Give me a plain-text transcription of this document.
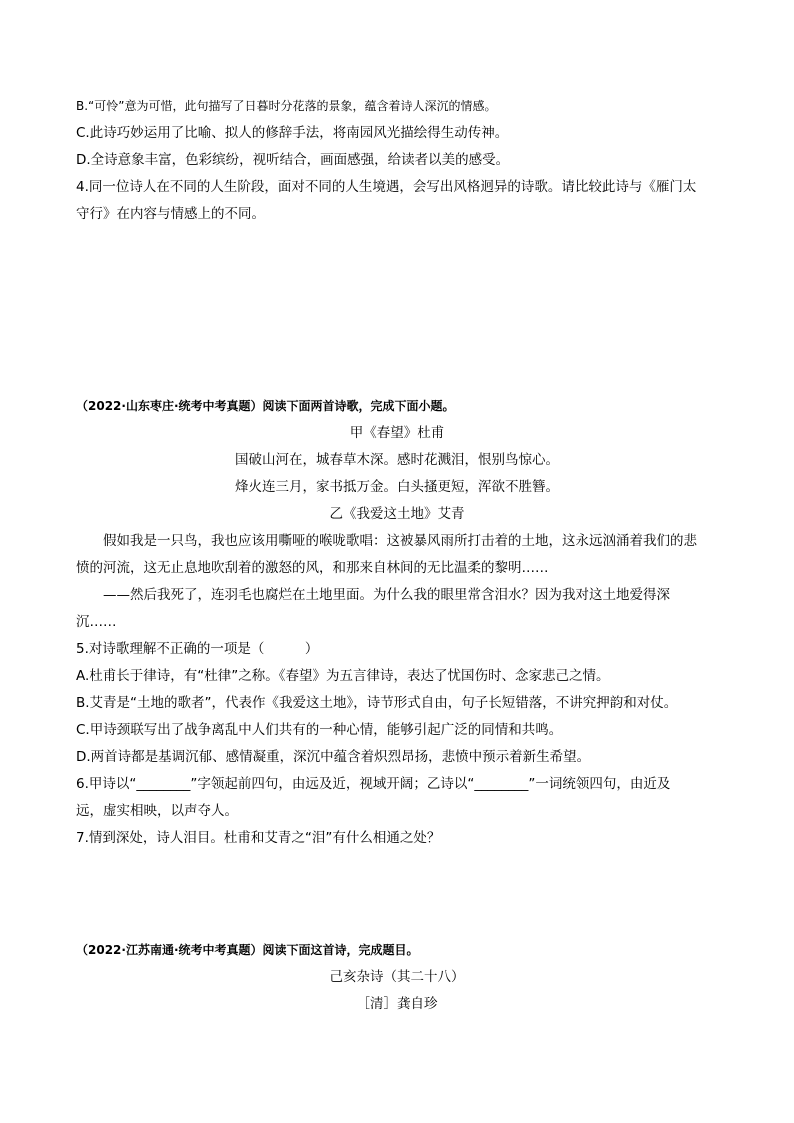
B.“可怜”意为可惜，此句描写了日暮时分花落的景象，蕴含着诗人深沉的情感。
C.此诗巧妙运用了比喻、拟人的修辞手法，将南园风光描绘得生动传神。
D.全诗意象丰富，色彩缤纷，视听结合，画面感强，给读者以美的感受。
4.同一位诗人在不同的人生阶段，面对不同的人生境遇，会写出风格迥异的诗歌。请比较此诗与《雁门太
守行》在内容与情感上的不同。
（2022·山东枣庄·统考中考真题）阅读下面两首诗歌，完成下面小题。
甲《春望》杜甫
国破山河在，城春草木深。感时花溅泪，恨别鸟惊心。
烽火连三月，家书抵万金。白头搔更短，浑欲不胜簪。
乙《我爱这土地》艾青
假如我是一只鸟，我也应该用嘶哑的喉咙歌唱：这被暴风雨所打击着的土地，这永远汹涌着我们的悲
愤的河流，这无止息地吹刮着的激怒的风，和那来自林间的无比温柔的黎明……
——然后我死了，连羽毛也腐烂在土地里面。为什么我的眼里常含泪水？因为我对这土地爱得深
沉……
5.对诗歌理解不正确的一项是（　　　）
A.杜甫长于律诗，有“杜律”之称。《春望》为五言律诗，表达了忧国伤时、念家悲己之情。
B.艾青是“土地的歌者”，代表作《我爱这土地》，诗节形式自由，句子长短错落，不讲究押韵和对仗。
C.甲诗颈联写出了战争离乱中人们共有的一种心情，能够引起广泛的同情和共鸣。
D.两首诗都是基调沉郁、感情凝重，深沉中蕴含着炽烈昂扬，悲愤中预示着新生希望。
6.甲诗以“________”字领起前四句，由远及近，视域开阔；乙诗以“________”一词统领四句，由近及
远，虚实相映，以声夺人。
7.情到深处，诗人泪目。杜甫和艾青之“泪”有什么相通之处？
（2022·江苏南通·统考中考真题）阅读下面这首诗，完成题目。
己亥杂诗（其二十八）
［清］龚自珍
